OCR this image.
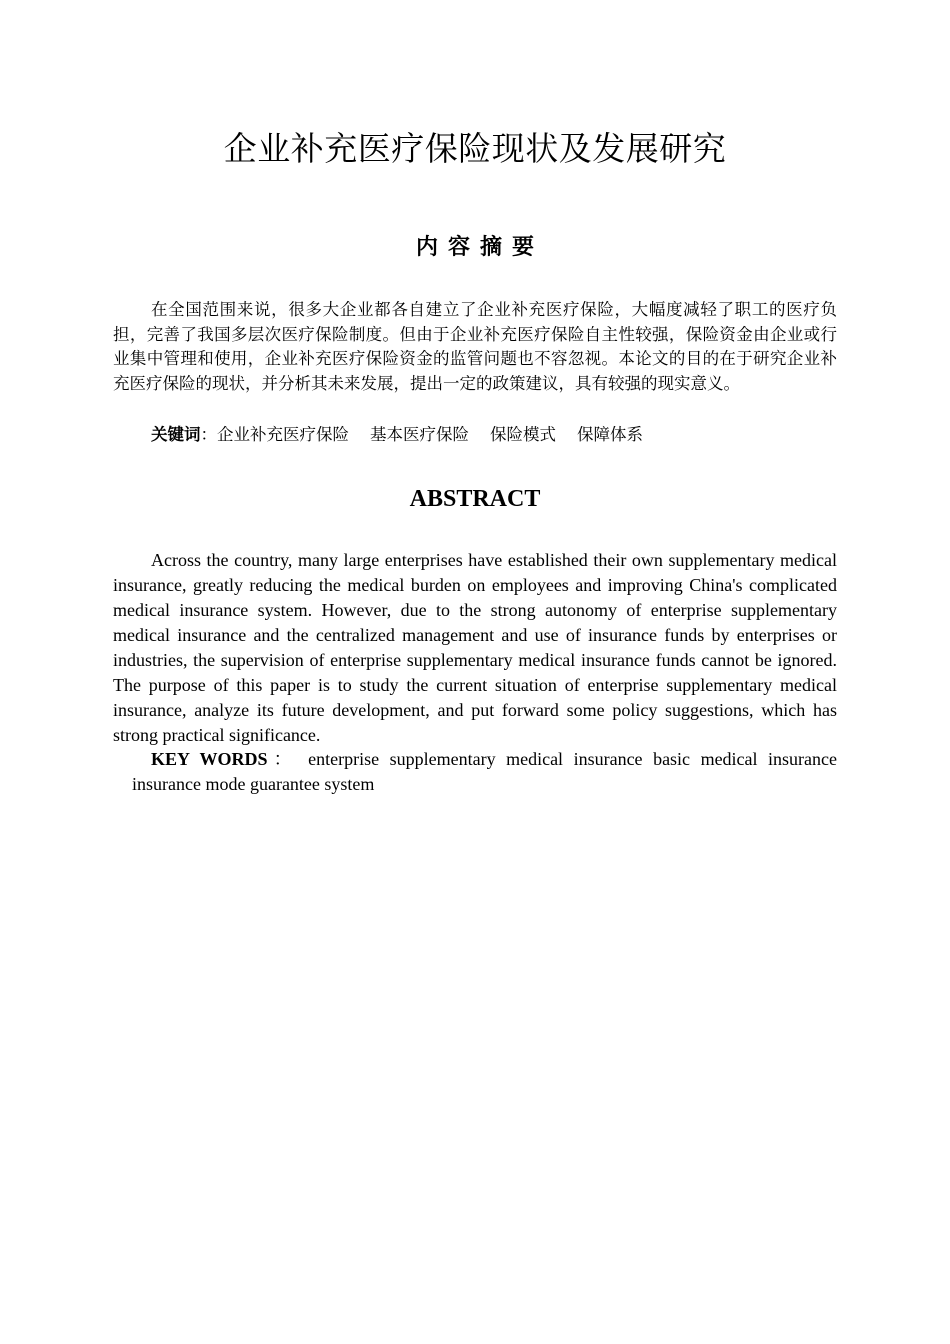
企业补充医疗保险现状及发展研究
内容摘要

在全国范围来说，很多大企业都各自建立了企业补充医疗保险，大幅度减轻了职工的医疗负担，完善了我国多层次医疗保险制度。但由于企业补充医疗保险自主性较强，保险资金由企业或行业集中管理和使用，企业补充医疗保险资金的监管问题也不容忽视。本论文的目的在于研究企业补充医疗保险的现状，并分析其未来发展，提出一定的政策建议，具有较强的现实意义。

关键词：企业补充医疗保险    基本医疗保险    保险模式    保障体系
ABSTRACT

Across the country, many large enterprises have established their own supplementary medical insurance, greatly reducing the medical burden on employees and improving China's complicated medical insurance system. However, due to the strong autonomy of enterprise supplementary medical insurance and the centralized management and use of insurance funds by enterprises or industries, the supervision of enterprise supplementary medical insurance funds cannot be ignored. The purpose of this paper is to study the current situation of enterprise supplementary medical insurance, analyze its future development, and put forward some policy suggestions, which has strong practical significance.

KEY WORDS： enterprise supplementary medical insurance basic medical insurance insurance mode guarantee system
